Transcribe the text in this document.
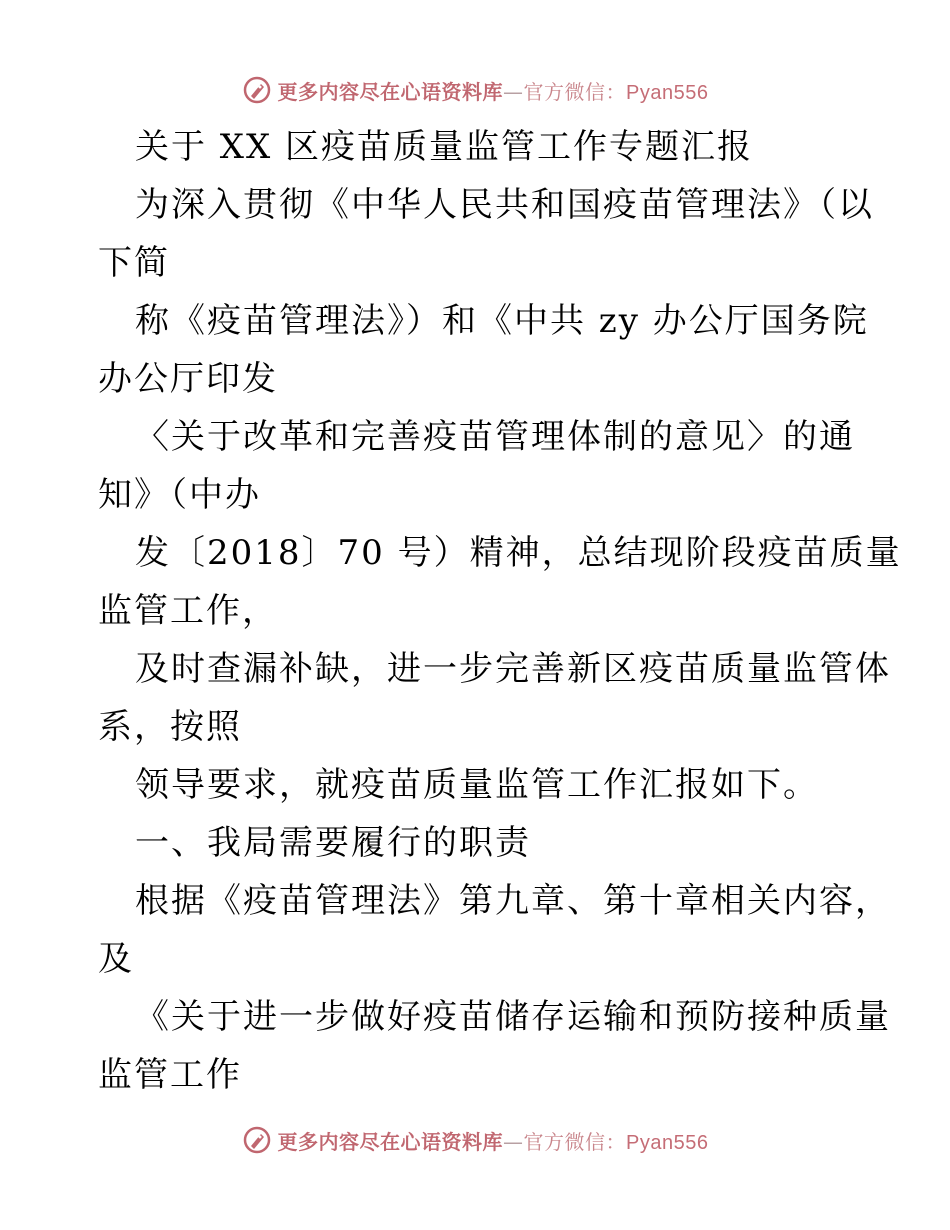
更多内容尽在心语资料库—官方微信：Pyan556
关于 XX 区疫苗质量监管工作专题汇报
为深入贯彻《中华人民共和国疫苗管理法》（以
下简
称《疫苗管理法》）和《中共 zy 办公厅国务院
办公厅印发
〈关于改革和完善疫苗管理体制的意见〉的通
知》（中办
发〔2018〕70 号）精神，总结现阶段疫苗质量
监管工作，
及时查漏补缺，进一步完善新区疫苗质量监管体
系，按照
领导要求，就疫苗质量监管工作汇报如下。
一、我局需要履行的职责
根据《疫苗管理法》第九章、第十章相关内容，
及
《关于进一步做好疫苗储存运输和预防接种质量
监管工作
更多内容尽在心语资料库—官方微信：Pyan556
